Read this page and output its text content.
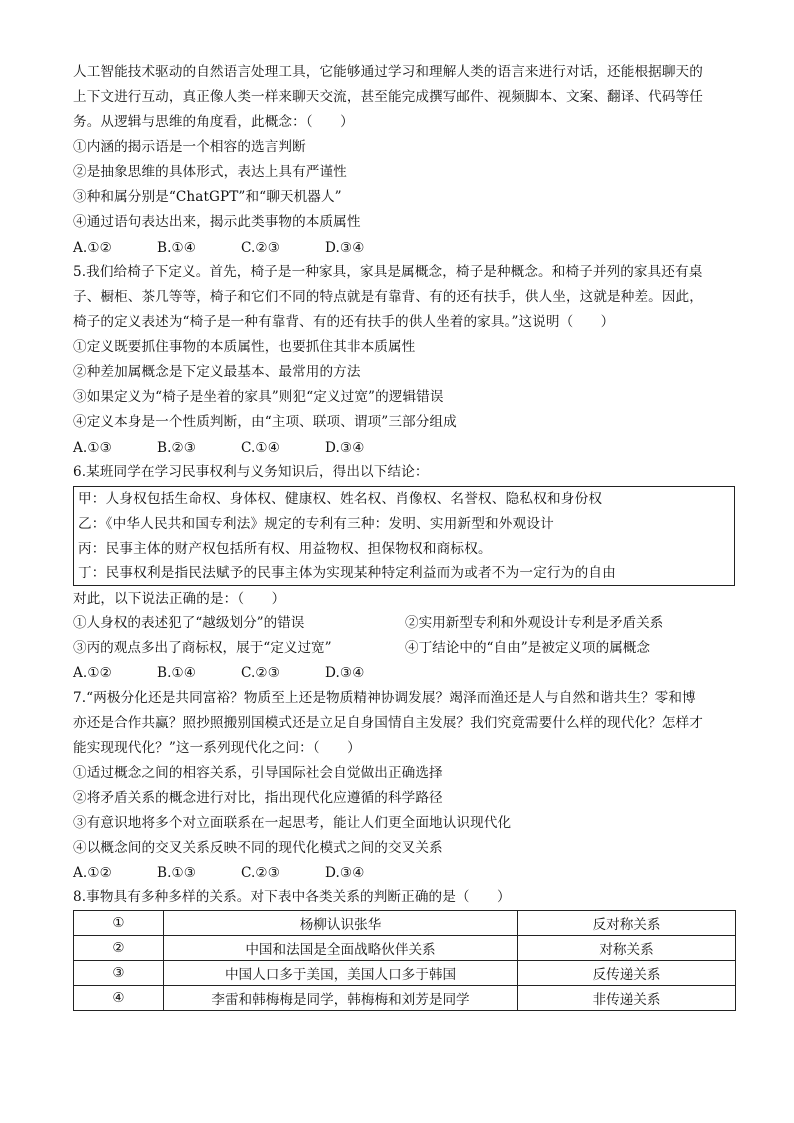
人工智能技术驱动的自然语言处理工具，它能够通过学习和理解人类的语言来进行对话，还能根据聊天的
上下文进行互动，真正像人类一样来聊天交流，甚至能完成撰写邮件、视频脚本、文案、翻译、代码等任
务。从逻辑与思维的角度看，此概念：（　　）
①内涵的揭示语是一个相容的选言判断
②是抽象思维的具体形式，表达上具有严谨性
③种和属分别是“ChatGPT”和“聊天机器人”
④通过语句表达出来，揭示此类事物的本质属性
A.①②	B.①④	C.②③	D.③④
5.我们给椅子下定义。首先，椅子是一种家具，家具是属概念，椅子是种概念。和椅子并列的家具还有桌
子、橱柜、茶几等等，椅子和它们不同的特点就是有靠背、有的还有扶手，供人坐，这就是种差。因此，
椅子的定义表述为“椅子是一种有靠背、有的还有扶手的供人坐着的家具。”这说明（　　）
①定义既要抓住事物的本质属性，也要抓住其非本质属性
②种差加属概念是下定义最基本、最常用的方法
③如果定义为“椅子是坐着的家具”则犯“定义过宽”的逻辑错误
④定义本身是一个性质判断，由“主项、联项、谓项”三部分组成
A.①③	B.②③	C.①④	D.③④
6.某班同学在学习民事权利与义务知识后，得出以下结论：
甲：人身权包括生命权、身体权、健康权、姓名权、肖像权、名誉权、隐私权和身份权
乙：《中华人民共和国专利法》规定的专利有三种：发明、实用新型和外观设计
丙：民事主体的财产权包括所有权、用益物权、担保物权和商标权。
丁：民事权利是指民法赋予的民事主体为实现某种特定利益而为或者不为一定行为的自由
对此，以下说法正确的是：（　　）
①人身权的表述犯了“越级划分”的错误	②实用新型专利和外观设计专利是矛盾关系
③丙的观点多出了商标权，展于“定义过宽”	④丁结论中的“自由”是被定义项的属概念
A.①②	B.①④	C.②③	D.③④
7.“两极分化还是共同富裕？物质至上还是物质精神协调发展？竭泽而渔还是人与自然和谐共生？零和博
亦还是合作共赢？照抄照搬别国模式还是立足自身国情自主发展？我们究竟需要什么样的现代化？怎样才
能实现现代化？”这一系列现代化之问：（　　）
①适过概念之间的相容关系，引导国际社会自觉做出正确选择
②将矛盾关系的概念进行对比，指出现代化应遵循的科学路径
③有意识地将多个对立面联系在一起思考，能让人们更全面地认识现代化
④以概念间的交叉关系反映不同的现代化模式之间的交叉关系
A.①②	B.①③	C.②③	D.③④
8.事物具有多种多样的关系。对下表中各类关系的判断正确的是（　　）
①	杨柳认识张华	反对称关系
②	中国和法国是全面战略伙伴关系	对称关系
③	中国人口多于美国，美国人口多于韩国	反传递关系
④	李雷和韩梅梅是同学，韩梅梅和刘芳是同学	非传递关系
